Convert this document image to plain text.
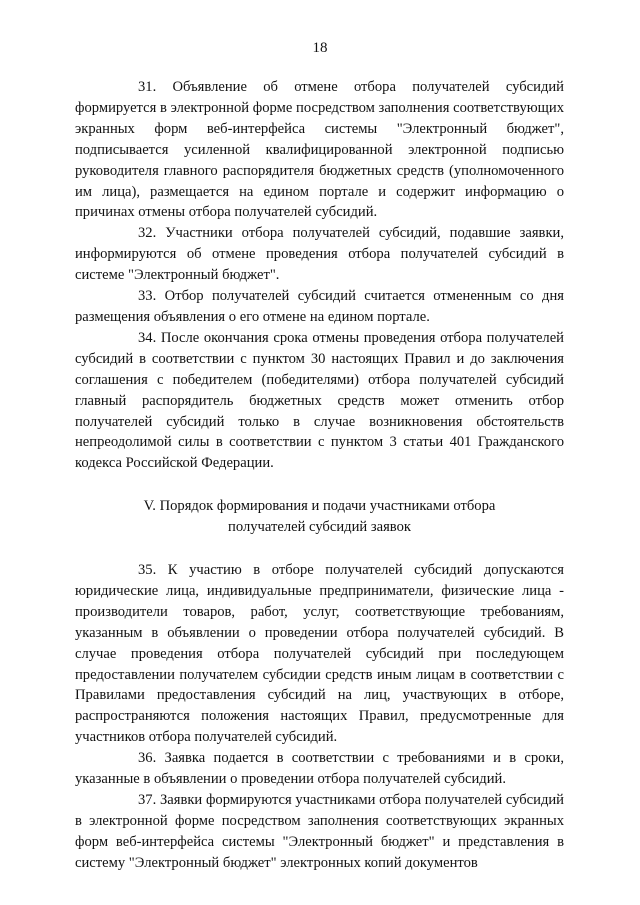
18

31. Объявление об отмене отбора получателей субсидий формируется в электронной форме посредством заполнения соответствующих экранных форм веб-интерфейса системы "Электронный бюджет", подписывается усиленной квалифицированной электронной подписью руководителя главного распорядителя бюджетных средств (уполномоченного им лица), размещается на едином портале и содержит информацию о причинах отмены отбора получателей субсидий.

32. Участники отбора получателей субсидий, подавшие заявки, информируются об отмене проведения отбора получателей субсидий в системе "Электронный бюджет".

33. Отбор получателей субсидий считается отмененным со дня размещения объявления о его отмене на едином портале.

34. После окончания срока отмены проведения отбора получателей субсидий в соответствии с пунктом 30 настоящих Правил и до заключения соглашения с победителем (победителями) отбора получателей субсидий главный распорядитель бюджетных средств может отменить отбор получателей субсидий только в случае возникновения обстоятельств непреодолимой силы в соответствии с пунктом 3 статьи 401 Гражданского кодекса Российской Федерации.

V. Порядок формирования и подачи участниками отбора
получателей субсидий заявок

35. К участию в отборе получателей субсидий допускаются юридические лица, индивидуальные предприниматели, физические лица - производители товаров, работ, услуг, соответствующие требованиям, указанным в объявлении о проведении отбора получателей субсидий. В случае проведения отбора получателей субсидий при последующем предоставлении получателем субсидии средств иным лицам в соответствии с Правилами предоставления субсидий на лиц, участвующих в отборе, распространяются положения настоящих Правил, предусмотренные для участников отбора получателей субсидий.

36. Заявка подается в соответствии с требованиями и в сроки, указанные в объявлении о проведении отбора получателей субсидий.

37. Заявки формируются участниками отбора получателей субсидий в электронной форме посредством заполнения соответствующих экранных форм веб-интерфейса системы "Электронный бюджет" и представления в систему "Электронный бюджет" электронных копий документов
